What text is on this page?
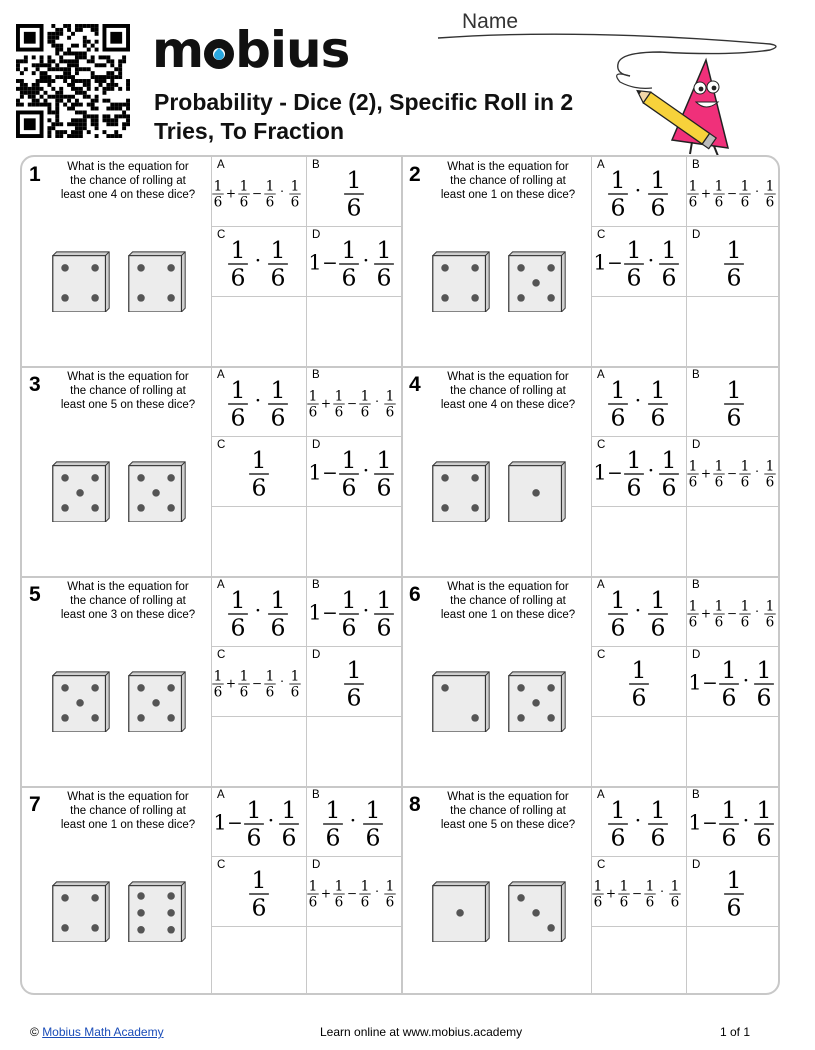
m bius
Probability - Dice (2), Specific Roll in 2 Tries, To Fraction
Name
1	What is the equation for the chance of rolling at least one 4 on these dice?
1
6
+ 1
6
− 1
6
· 1
6
A
1
6
B
1
6
· 1
6
C
1 − 1
6
· 1
6
D
2	What is the equation for the chance of rolling at least one 1 on these dice?
1
6
· 1
6
A
1
6
+ 1
6
− 1
6
· 1
6
B
1 − 1
6
· 1
6
C
1
6
D
3	What is the equation for the chance of rolling at least one 5 on these dice?
1
6
· 1
6
A
1
6
+ 1
6
− 1
6
· 1
6
B
1
6
C
1 − 1
6
· 1
6
D
4	What is the equation for the chance of rolling at least one 4 on these dice?
1
6
· 1
6
A
1
6
B
1 − 1
6
· 1
6
C
1
6
+ 1
6
− 1
6
· 1
6
D
5	What is the equation for the chance of rolling at least one 3 on these dice?
1
6
· 1
6
A
1 − 1
6
· 1
6
B
1
6
+ 1
6
− 1
6
· 1
6
C
1
6
D
6	What is the equation for the chance of rolling at least one 1 on these dice?
1
6
· 1
6
A
1
6
+ 1
6
− 1
6
· 1
6
B
1
6
C
1 − 1
6
· 1
6
D
7	What is the equation for the chance of rolling at least one 1 on these dice? 1 − 1
6
· 1
6
A
1
6
· 1
6
B
1
6
C
1
6
+ 1
6
− 1
6
· 1
6
D
8	What is the equation for the chance of rolling at least one 5 on these dice?
1
6
· 1
6
A
1 − 1
6
· 1
6
B
1
6
+ 1
6
− 1
6
· 1
6
C
1
6
D
© Mobius Math Academy	Learn online at www.mobius.academy	1 of 1
